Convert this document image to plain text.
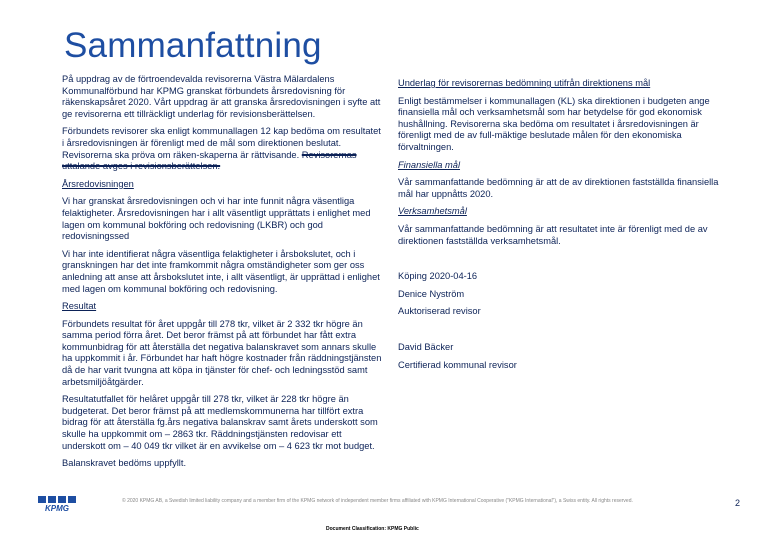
Sammanfattning

På uppdrag av de förtroendevalda revisorerna Västra Mälardalens Kommunalförbund har KPMG granskat förbundets årsredovisning för räkenskapsåret 2020. Vårt uppdrag är att granska årsredovisningen i syfte att ge revisorerna ett tillräckligt underlag för revisionsberättelsen.

Förbundets revisorer ska enligt kommunallagen 12 kap bedöma om resultatet i årsredovisningen är förenligt med de mål som direktionen beslutat. Revisorerna ska pröva om räken-skaperna är rättvisande. Revisorernas uttalande avges i revisionsberättelsen.

Årsredovisningen

Vi har granskat årsredovisningen och vi har inte funnit några väsentliga felaktigheter. Årsredovisningen har i allt väsentligt upprättats i enlighet med lagen om kommunal bokföring och redovisning (LKBR) och god redovisningssed

Vi har inte identifierat några väsentliga felaktigheter i årsbokslutet, och i granskningen har det inte framkommit några omständigheter som ger oss anledning att anse att årsbokslutet inte, i allt väsentligt, är upprättad i enlighet med lagen om kommunal bokföring och redovisning.

Resultat

Förbundets resultat för året uppgår till 278 tkr, vilket är 2 332 tkr högre än samma period förra året. Det beror främst på att förbundet har fått extra kommunbidrag för att återställa det negativa balanskravet som annars skulle ha uppkommit i år. Förbundet har haft högre kostnader från räddningstjänsten då de har varit tvungna att köpa in tjänster för chef- och ledningsstöd samt arbetsmiljöåtgärder.

Resultatutfallet för helåret uppgår till 278 tkr, vilket är 228 tkr högre än budgeterat. Det beror främst på att medlemskommunerna har tillfört extra bidrag för att återställa fg.års negativa balanskrav samt årets underskott som skulle ha uppkommit om – 2863 tkr. Räddningstjänsten redovisar ett underskott om – 40 049 tkr vilket är en avvikelse om – 4 623 tkr mot budget.

Balanskravet bedöms uppfyllt.

Underlag för revisorernas bedömning utifrån direktionens mål

Enligt bestämmelser i kommunallagen (KL) ska direktionen i budgeten ange finansiella mål och verksamhetsmål som har betydelse för god ekonomisk hushållning. Revisorerna ska bedöma om resultatet i årsredovisningen är förenligt med de av full-mäktige beslutade målen för den ekonomiska förvaltningen.

Finansiella mål

Vår sammanfattande bedömning är att de av direktionen fastställda finansiella mål har uppnåtts 2020.

Verksamhetsmål

Vår sammanfattande bedömning är att resultatet inte är förenligt med de av direktionen fastställda verksamhetsmål.

Köping 2020-04-16

Denice Nyström

Auktoriserad revisor

David Bäcker

Certifierad kommunal revisor

KPMG
© 2020 KPMG AB, a Swedish limited liability company and a member firm of the KPMG network of independent member firms affiliated with KPMG International Cooperative ("KPMG International"), a Swiss entity. All rights reserved.	2
Document Classification: KPMG Public
